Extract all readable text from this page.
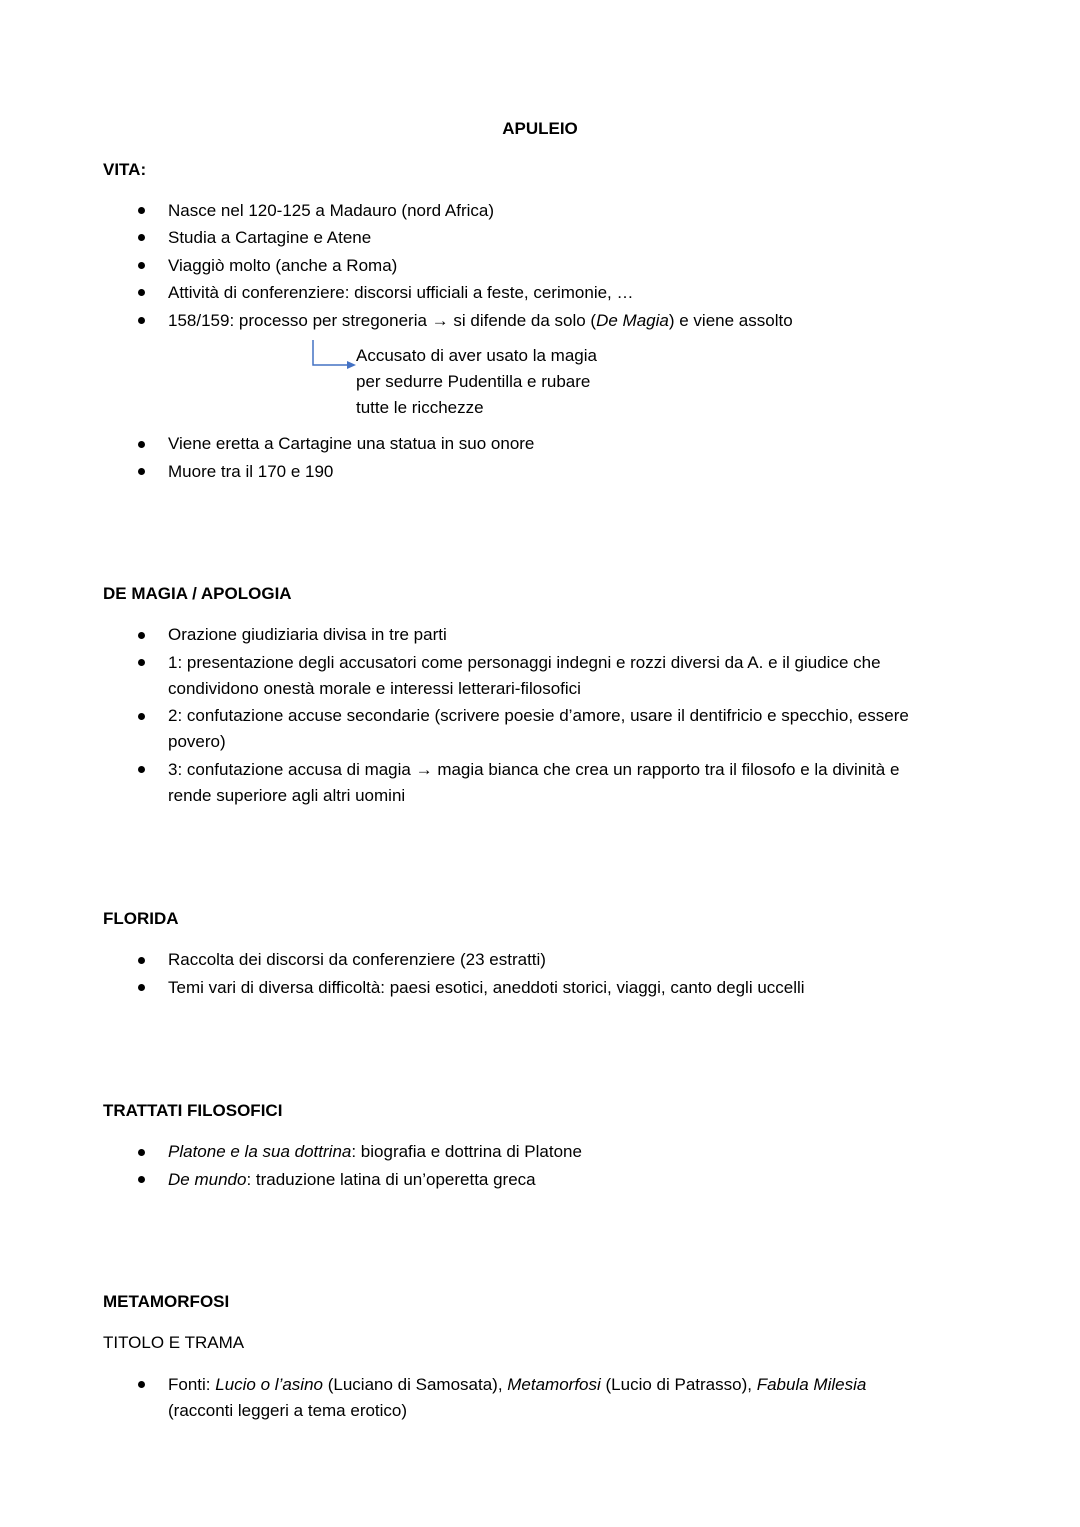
APULEIO
VITA:
Nasce nel 120-125 a Madauro (nord Africa)
Studia a Cartagine e Atene
Viaggiò molto (anche a Roma)
Attività di conferenziere: discorsi ufficiali a feste, cerimonie, …
158/159: processo per stregoneria → si difende da solo (De Magia) e viene assolto
Accusato di aver usato la magia
per sedurre Pudentilla e rubare
tutte le ricchezze
Viene eretta a Cartagine una statua in suo onore
Muore tra il 170 e 190
DE MAGIA / APOLOGIA
Orazione giudiziaria divisa in tre parti
1: presentazione degli accusatori come personaggi indegni e rozzi diversi da A. e il giudice che
condividono onestà morale e interessi letterari-filosofici
2: confutazione accuse secondarie (scrivere poesie d’amore, usare il dentifricio e specchio, essere
povero)
3: confutazione accusa di magia → magia bianca che crea un rapporto tra il filosofo e la divinità e
rende superiore agli altri uomini
FLORIDA
Raccolta dei discorsi da conferenziere (23 estratti)
Temi vari di diversa difficoltà: paesi esotici, aneddoti storici, viaggi, canto degli uccelli
TRATTATI FILOSOFICI
Platone e la sua dottrina: biografia e dottrina di Platone
De mundo: traduzione latina di un’operetta greca
METAMORFOSI
TITOLO E TRAMA
Fonti: Lucio o l’asino (Luciano di Samosata), Metamorfosi (Lucio di Patrasso), Fabula Milesia
(racconti leggeri a tema erotico)
